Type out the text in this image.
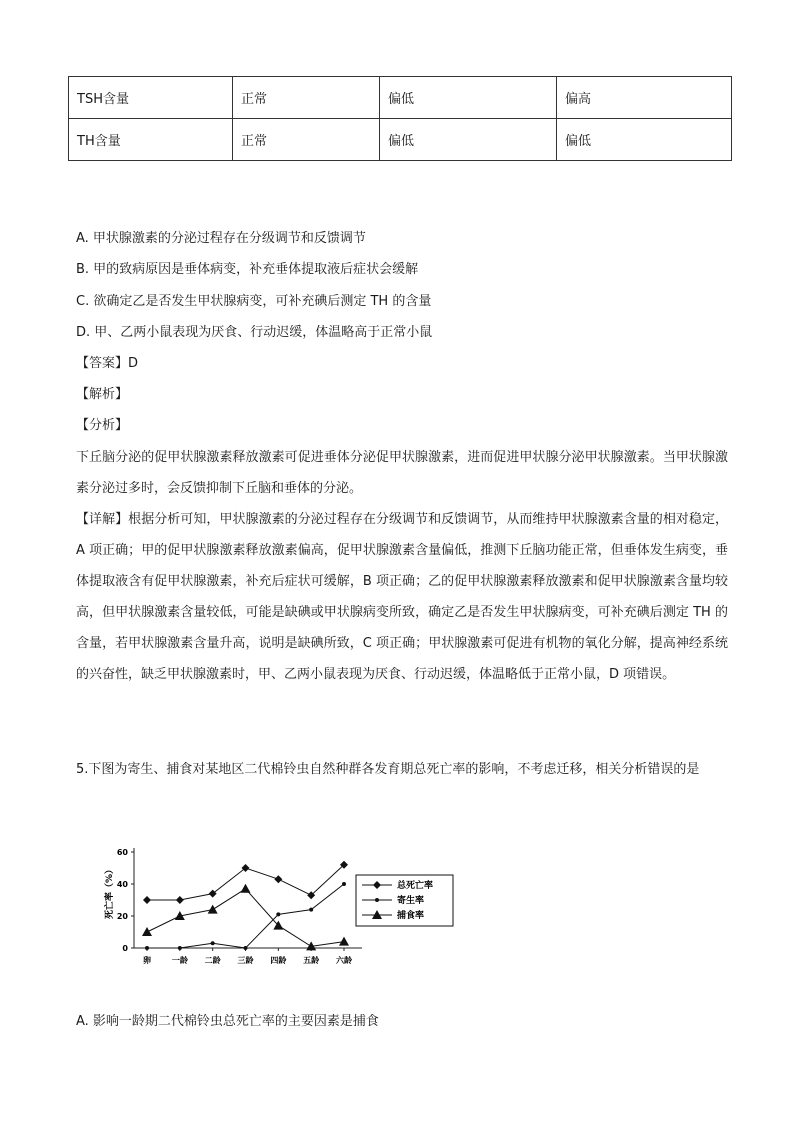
TSH含量	正常	偏低	偏高
TH含量	正常	偏低	偏低
A. 甲状腺激素的分泌过程存在分级调节和反馈调节
B. 甲的致病原因是垂体病变，补充垂体提取液后症状会缓解
C. 欲确定乙是否发生甲状腺病变，可补充碘后测定 TH 的含量
D. 甲、乙两小鼠表现为厌食、行动迟缓，体温略高于正常小鼠
【答案】D
【解析】
【分析】
下丘脑分泌的促甲状腺激素释放激素可促进垂体分泌促甲状腺激素，进而促进甲状腺分泌甲状腺激素。当甲状腺激素分泌过多时，会反馈抑制下丘脑和垂体的分泌。
【详解】根据分析可知，甲状腺激素的分泌过程存在分级调节和反馈调节，从而维持甲状腺激素含量的相对稳定，A 项正确；甲的促甲状腺激素释放激素偏高，促甲状腺激素含量偏低，推测下丘脑功能正常，但垂体发生病变，垂体提取液含有促甲状腺激素，补充后症状可缓解，B 项正确；乙的促甲状腺激素释放激素和促甲状腺激素含量均较高，但甲状腺激素含量较低，可能是缺碘或甲状腺病变所致，确定乙是否发生甲状腺病变，可补充碘后测定 TH 的含量，若甲状腺激素含量升高，说明是缺碘所致，C 项正确；甲状腺激素可促进有机物的氧化分解，提高神经系统的兴奋性，缺乏甲状腺激素时，甲、乙两小鼠表现为厌食、行动迟缓，体温略低于正常小鼠，D 项错误。
5.下图为寄生、捕食对某地区二代棉铃虫自然种群各发育期总死亡率的影响，不考虑迁移，相关分析错误的是
死亡率（%）
0
20
40
60
卵	一龄 二龄 三龄 四龄 五龄 六龄
总死亡率
寄生率
捕食率
A. 影响一龄期二代棉铃虫总死亡率的主要因素是捕食
